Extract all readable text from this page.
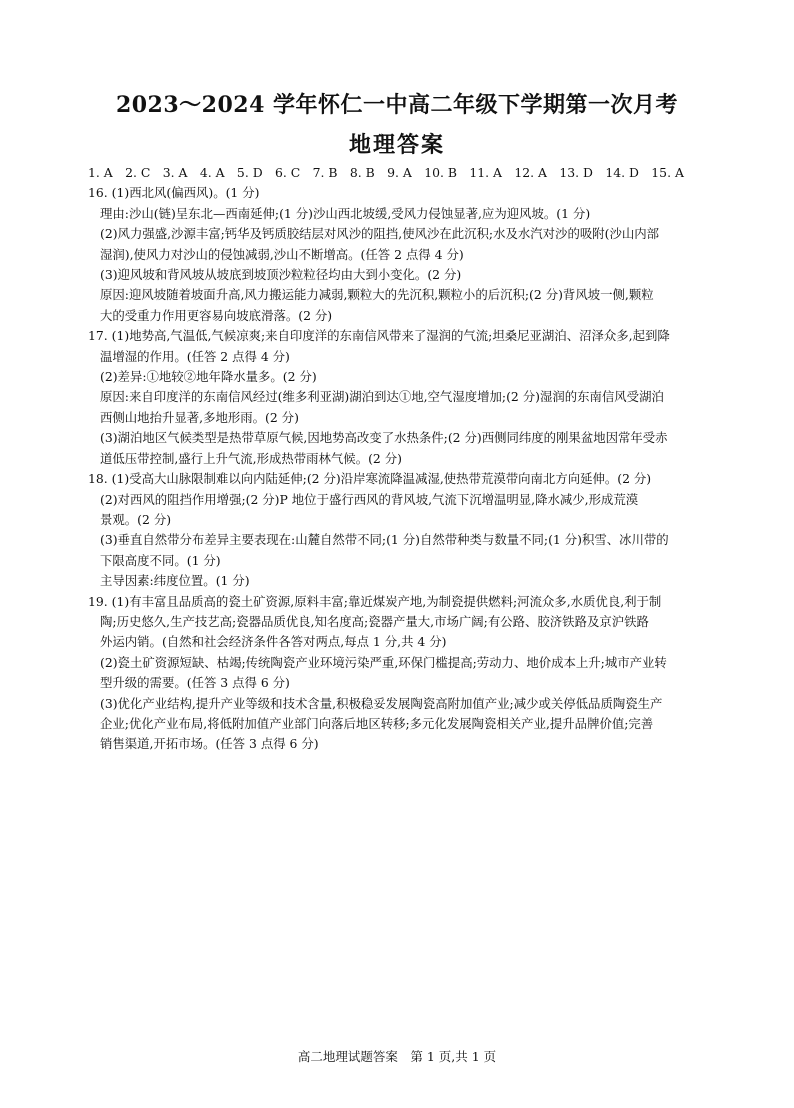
2023～2024 学年怀仁一中高二年级下学期第一次月考
地理答案
1. A　2. C　3. A　4. A　5. D　6. C　7. B　8. B　9. A　10. B　11. A　12. A　13. D　14. D　15. A
16. (1)西北风(偏西风)。(1 分)
理由:沙山(链)呈东北—西南延伸;(1 分)沙山西北坡缓,受风力侵蚀显著,应为迎风坡。(1 分)
(2)风力强盛,沙源丰富;钙华及钙质胶结层对风沙的阻挡,使风沙在此沉积;水及水汽对沙的吸附(沙山内部
湿润),使风力对沙山的侵蚀减弱,沙山不断增高。(任答 2 点得 4 分)
(3)迎风坡和背风坡从坡底到坡顶沙粒粒径均由大到小变化。(2 分)
原因:迎风坡随着坡面升高,风力搬运能力减弱,颗粒大的先沉积,颗粒小的后沉积;(2 分)背风坡一侧,颗粒
大的受重力作用更容易向坡底滑落。(2 分)
17. (1)地势高,气温低,气候凉爽;来自印度洋的东南信风带来了湿润的气流;坦桑尼亚湖泊、沼泽众多,起到降
温增湿的作用。(任答 2 点得 4 分)
(2)差异:①地较②地年降水量多。(2 分)
原因:来自印度洋的东南信风经过(维多利亚湖)湖泊到达①地,空气湿度增加;(2 分)湿润的东南信风受湖泊
西侧山地抬升显著,多地形雨。(2 分)
(3)湖泊地区气候类型是热带草原气候,因地势高改变了水热条件;(2 分)西侧同纬度的刚果盆地因常年受赤
道低压带控制,盛行上升气流,形成热带雨林气候。(2 分)
18. (1)受高大山脉限制难以向内陆延伸;(2 分)沿岸寒流降温减湿,使热带荒漠带向南北方向延伸。(2 分)
(2)对西风的阻挡作用增强;(2 分)P 地位于盛行西风的背风坡,气流下沉增温明显,降水减少,形成荒漠
景观。(2 分)
(3)垂直自然带分布差异主要表现在:山麓自然带不同;(1 分)自然带种类与数量不同;(1 分)积雪、冰川带的
下限高度不同。(1 分)
主导因素:纬度位置。(1 分)
19. (1)有丰富且品质高的瓷土矿资源,原料丰富;靠近煤炭产地,为制瓷提供燃料;河流众多,水质优良,利于制
陶;历史悠久,生产技艺高;瓷器品质优良,知名度高;瓷器产量大,市场广阔;有公路、胶济铁路及京沪铁路
外运内销。(自然和社会经济条件各答对两点,每点 1 分,共 4 分)
(2)瓷土矿资源短缺、枯竭;传统陶瓷产业环境污染严重,环保门槛提高;劳动力、地价成本上升;城市产业转
型升级的需要。(任答 3 点得 6 分)
(3)优化产业结构,提升产业等级和技术含量,积极稳妥发展陶瓷高附加值产业;减少或关停低品质陶瓷生产
企业;优化产业布局,将低附加值产业部门向落后地区转移;多元化发展陶瓷相关产业,提升品牌价值;完善
销售渠道,开拓市场。(任答 3 点得 6 分)
高二地理试题答案　第 1 页,共 1 页
